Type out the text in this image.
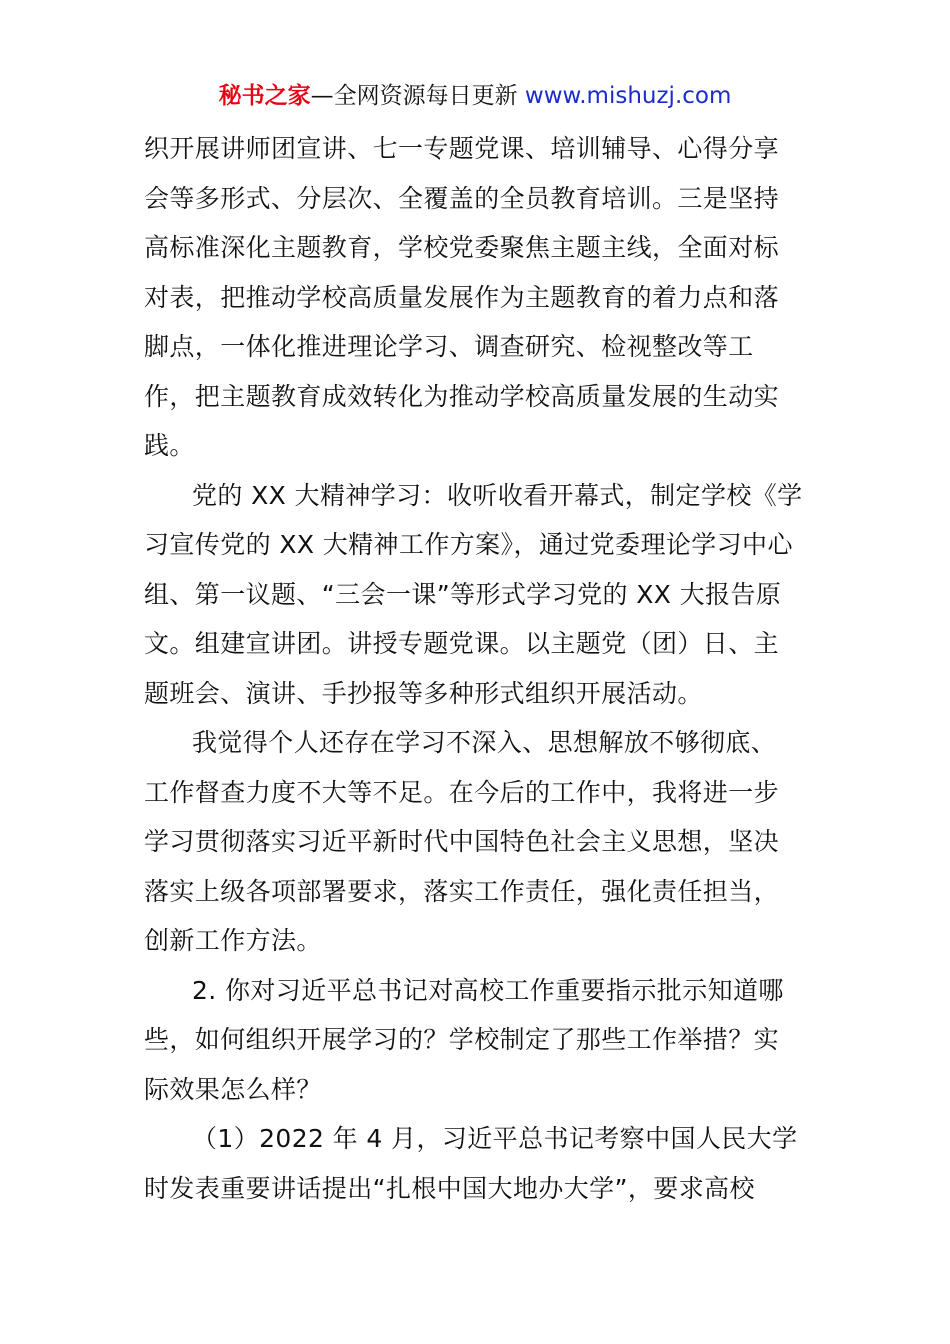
秘书之家—全网资源每日更新 www.mishuzj.com
织开展讲师团宣讲、七一专题党课、培训辅导、心得分享
会等多形式、分层次、全覆盖的全员教育培训。三是坚持
高标准深化主题教育，学校党委聚焦主题主线，全面对标
对表，把推动学校高质量发展作为主题教育的着力点和落
脚点，一体化推进理论学习、调查研究、检视整改等工
作，把主题教育成效转化为推动学校高质量发展的生动实
践。
党的 XX 大精神学习：收听收看开幕式，制定学校《学
习宣传党的 XX 大精神工作方案》，通过党委理论学习中心
组、第一议题、“三会一课”等形式学习党的 XX 大报告原
文。组建宣讲团。讲授专题党课。以主题党（团）日、主
题班会、演讲、手抄报等多种形式组织开展活动。
我觉得个人还存在学习不深入、思想解放不够彻底、
工作督查力度不大等不足。在今后的工作中，我将进一步
学习贯彻落实习近平新时代中国特色社会主义思想，坚决
落实上级各项部署要求，落实工作责任，强化责任担当，
创新工作方法。
2. 你对习近平总书记对高校工作重要指示批示知道哪
些，如何组织开展学习的？学校制定了那些工作举措？实
际效果怎么样？
（1）2022 年 4 月，习近平总书记考察中国人民大学
时发表重要讲话提出“扎根中国大地办大学”，要求高校
